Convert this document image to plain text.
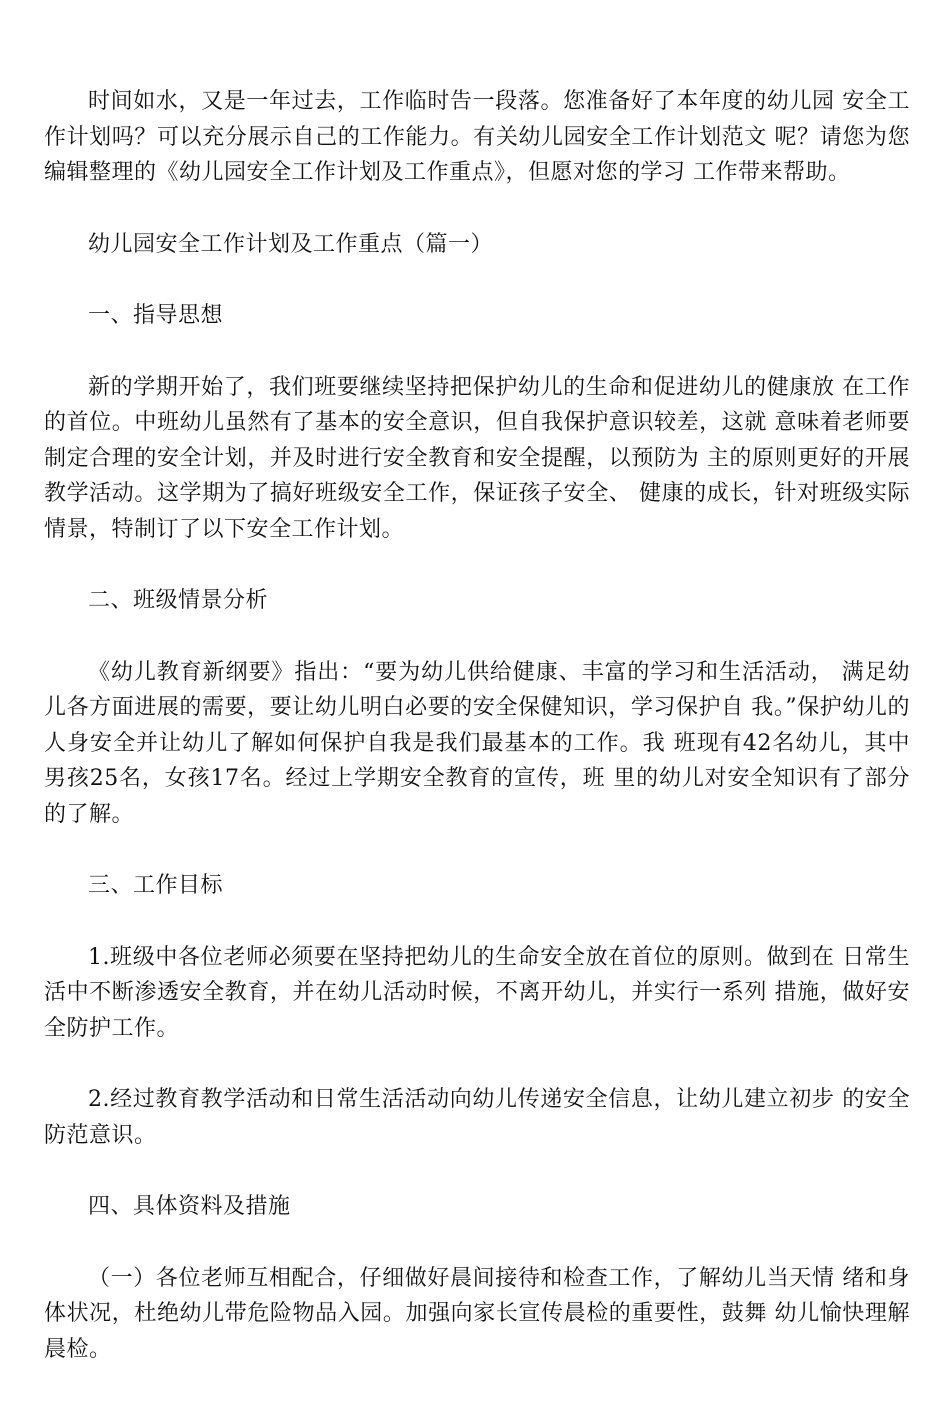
时间如水，又是一年过去，工作临时告一段落。您准备好了本年度的幼儿园 安全工作计划吗？可以充分展示自己的工作能力。有关幼儿园安全工作计划范文 呢？请您为您编辑整理的《幼儿园安全工作计划及工作重点》，但愿对您的学习 工作带来帮助。

幼儿园安全工作计划及工作重点（篇一）

一、指导思想

新的学期开始了，我们班要继续坚持把保护幼儿的生命和促进幼儿的健康放 在工作的首位。中班幼儿虽然有了基本的安全意识，但自我保护意识较差，这就 意味着老师要制定合理的安全计划，并及时进行安全教育和安全提醒，以预防为 主的原则更好的开展教学活动。这学期为了搞好班级安全工作，保证孩子安全、 健康的成长，针对班级实际情景，特制订了以下安全工作计划。

二、班级情景分析

《幼儿教育新纲要》指出：“要为幼儿供给健康、丰富的学习和生活活动， 满足幼儿各方面进展的需要，要让幼儿明白必要的安全保健知识，学习保护自 我。”保护幼儿的人身安全并让幼儿了解如何保护自我是我们最基本的工作。我 班现有42名幼儿，其中男孩25名，女孩17名。经过上学期安全教育的宣传，班 里的幼儿对安全知识有了部分的了解。

三、工作目标

1.班级中各位老师必须要在坚持把幼儿的生命安全放在首位的原则。做到在 日常生活中不断渗透安全教育，并在幼儿活动时候，不离开幼儿，并实行一系列 措施，做好安全防护工作。

2.经过教育教学活动和日常生活活动向幼儿传递安全信息，让幼儿建立初步 的安全防范意识。

四、具体资料及措施

（一）各位老师互相配合，仔细做好晨间接待和检查工作，了解幼儿当天情 绪和身体状况，杜绝幼儿带危险物品入园。加强向家长宣传晨检的重要性，鼓舞 幼儿愉快理解晨检。
